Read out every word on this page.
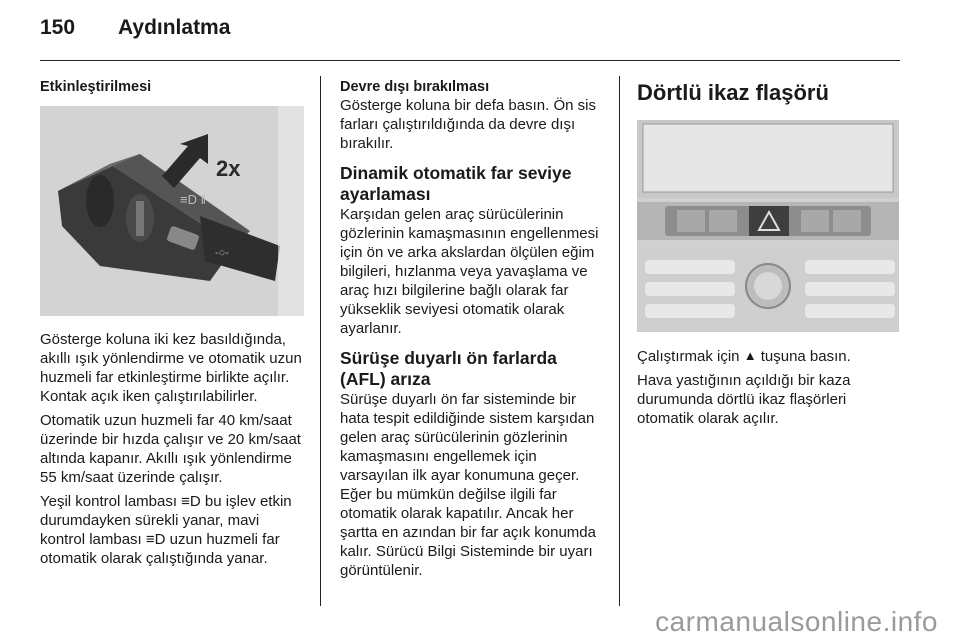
150	Aydınlatma
Etkinleştirilmesi
≡D ‖
-○-
2x

Gösterge koluna iki kez basıldığında, akıllı ışık yönlendirme ve otomatik uzun huzmeli far etkinleştirme birlikte açılır. Kontak açık iken çalıştırılabilirler.

Otomatik uzun huzmeli far 40 km/saat üzerinde bir hızda çalışır ve 20 km/saat altında kapanır. Akıllı ışık yönlendirme 55 km/saat üzerinde çalışır.

Yeşil kontrol lambası ≡D bu işlev etkin durumdayken sürekli yanar, mavi kontrol lambası ≡D uzun huzmeli far otomatik olarak çalıştığında yanar.

Devre dışı bırakılması

Gösterge koluna bir defa basın. Ön sis farları çalıştırıldığında da devre dışı bırakılır.

Dinamik otomatik far seviye ayarlaması

Karşıdan gelen araç sürücülerinin gözlerinin kamaşmasının engellenmesi için ön ve arka akslardan ölçülen eğim bilgileri, hızlanma veya yavaşlama ve araç hızı bilgilerine bağlı olarak far yükseklik seviyesi otomatik olarak ayarlanır.

Sürüşe duyarlı ön farlarda (AFL) arıza

Sürüşe duyarlı ön far sisteminde bir hata tespit edildiğinde sistem karşıdan gelen araç sürücülerinin gözlerinin kamaşmasını engellemek için varsayılan ilk ayar konumuna geçer. Eğer bu mümkün değilse ilgili far otomatik olarak kapatılır. Ancak her şartta en azından bir far açık konumda kalır. Sürücü Bilgi Sisteminde bir uyarı görüntülenir.

Dörtlü ikaz flaşörü

Çalıştırmak için ▲ tuşuna basın.

Hava yastığının açıldığı bir kaza durumunda dörtlü ikaz flaşörleri otomatik olarak açılır.

carmanualsonline.info
